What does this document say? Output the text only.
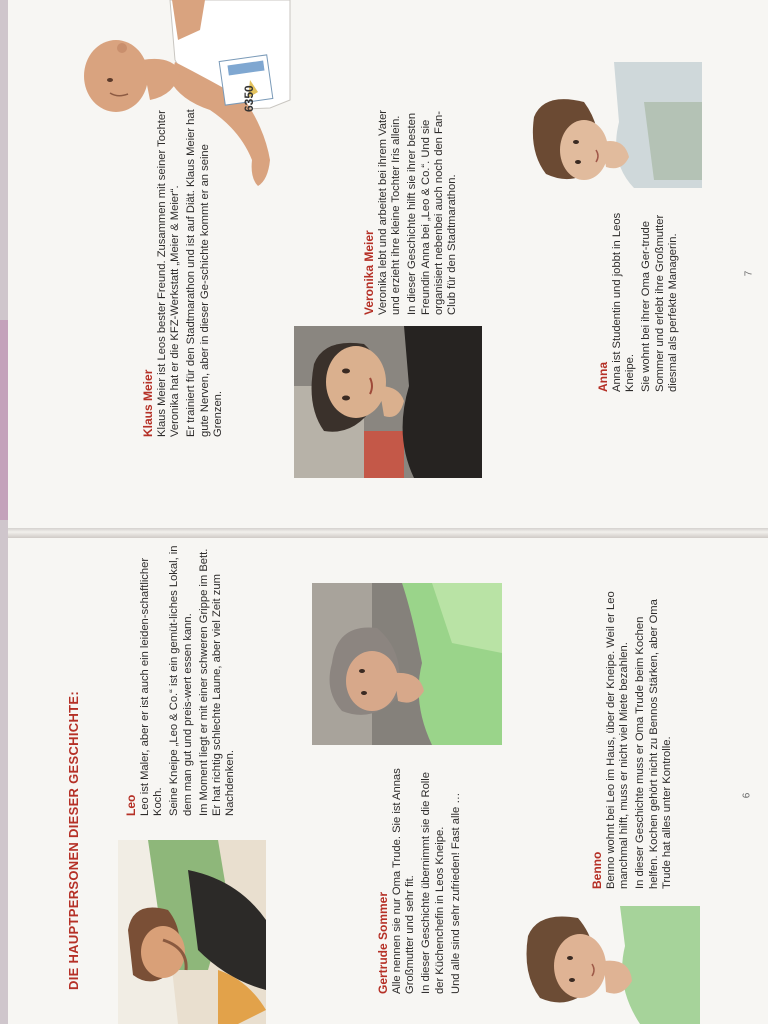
6350
Klaus Meier Klaus Meier ist Leos bester Freund. Zusammen mit seiner Tochter Veronika hat er die KFZ-Werkstatt „Meier & Meier“. Er trainiert für den Stadtmarathon und ist auf Diät. Klaus Meier hat gute Nerven, aber in dieser Ge-schichte kommt er an seine Grenzen.

Veronika Meier Veronika lebt und arbeitet bei ihrem Vater und erzieht ihre kleine Tochter Iris allein. In dieser Geschichte hilft sie ihrer besten Freundin Anna bei „Leo & Co.“. Und sie organisiert nebenbei auch noch den Fan-Club für den Stadtmarathon.

Anna Anna ist Studentin und jobbt in Leos Kneipe. Sie wohnt bei ihrer Oma Ger-trude Sommer und erlebt ihre Großmutter diesmal als perfekte Managerin.	7
DIE HAUPTPERSONEN DIESER GESCHICHTE:	Leo Leo ist Maler, aber er ist auch ein leiden-schaftlicher Koch. Seine Kneipe „Leo & Co.“ ist ein gemüt-liches Lokal, in dem man gut und preis-wert essen kann. Im Moment liegt er mit einer schweren Grippe im Bett. Er hat richtig schlechte Laune, aber viel Zeit zum Nachdenken.

Gertrude Sommer Alle nennen sie nur Oma Trude. Sie ist Annas Großmutter und sehr fit. In dieser Geschichte übernimmt sie die Rolle der Küchenchefin in Leos Kneipe. Und alle sind sehr zufrieden! Fast alle …	Benno Benno wohnt bei Leo im Haus, über der Kneipe. Weil er Leo manchmal hilft, muss er nicht viel Miete bezahlen. In dieser Geschichte muss er Oma Trude beim Kochen helfen. Kochen gehört nicht zu Bennos Stärken, aber Oma Trude hat alles unter Kontrolle.	6
